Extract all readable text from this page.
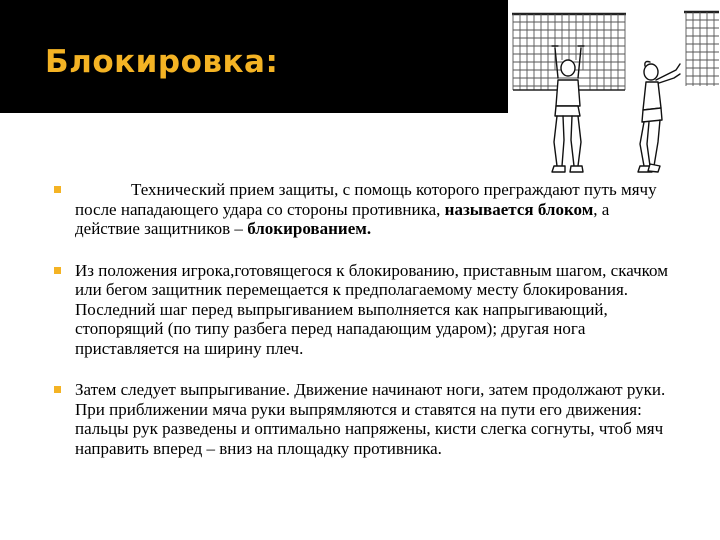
Блокировка:
Технический прием защиты, с помощь которого преграждают путь мячу после нападающего удара со стороны противника, называется блоком, а действие защитников – блокированием.
Из положения игрока,готовящегося к блокированию, приставным шагом, скачком или бегом защитник перемещается к предполагаемому месту блокирования. Последний шаг перед выпрыгиванием выполняется как напрыгивающий, стопорящий (по типу разбега перед нападающим ударом); другая нога приставляется на ширину плеч.
Затем следует выпрыгивание. Движение начинают ноги, затем продолжают руки. При приближении мяча руки выпрямляются и ставятся на пути его движения: пальцы рук разведены и оптимально напряжены, кисти слегка согнуты, чтоб мяч направить вперед – вниз на площадку противника.
